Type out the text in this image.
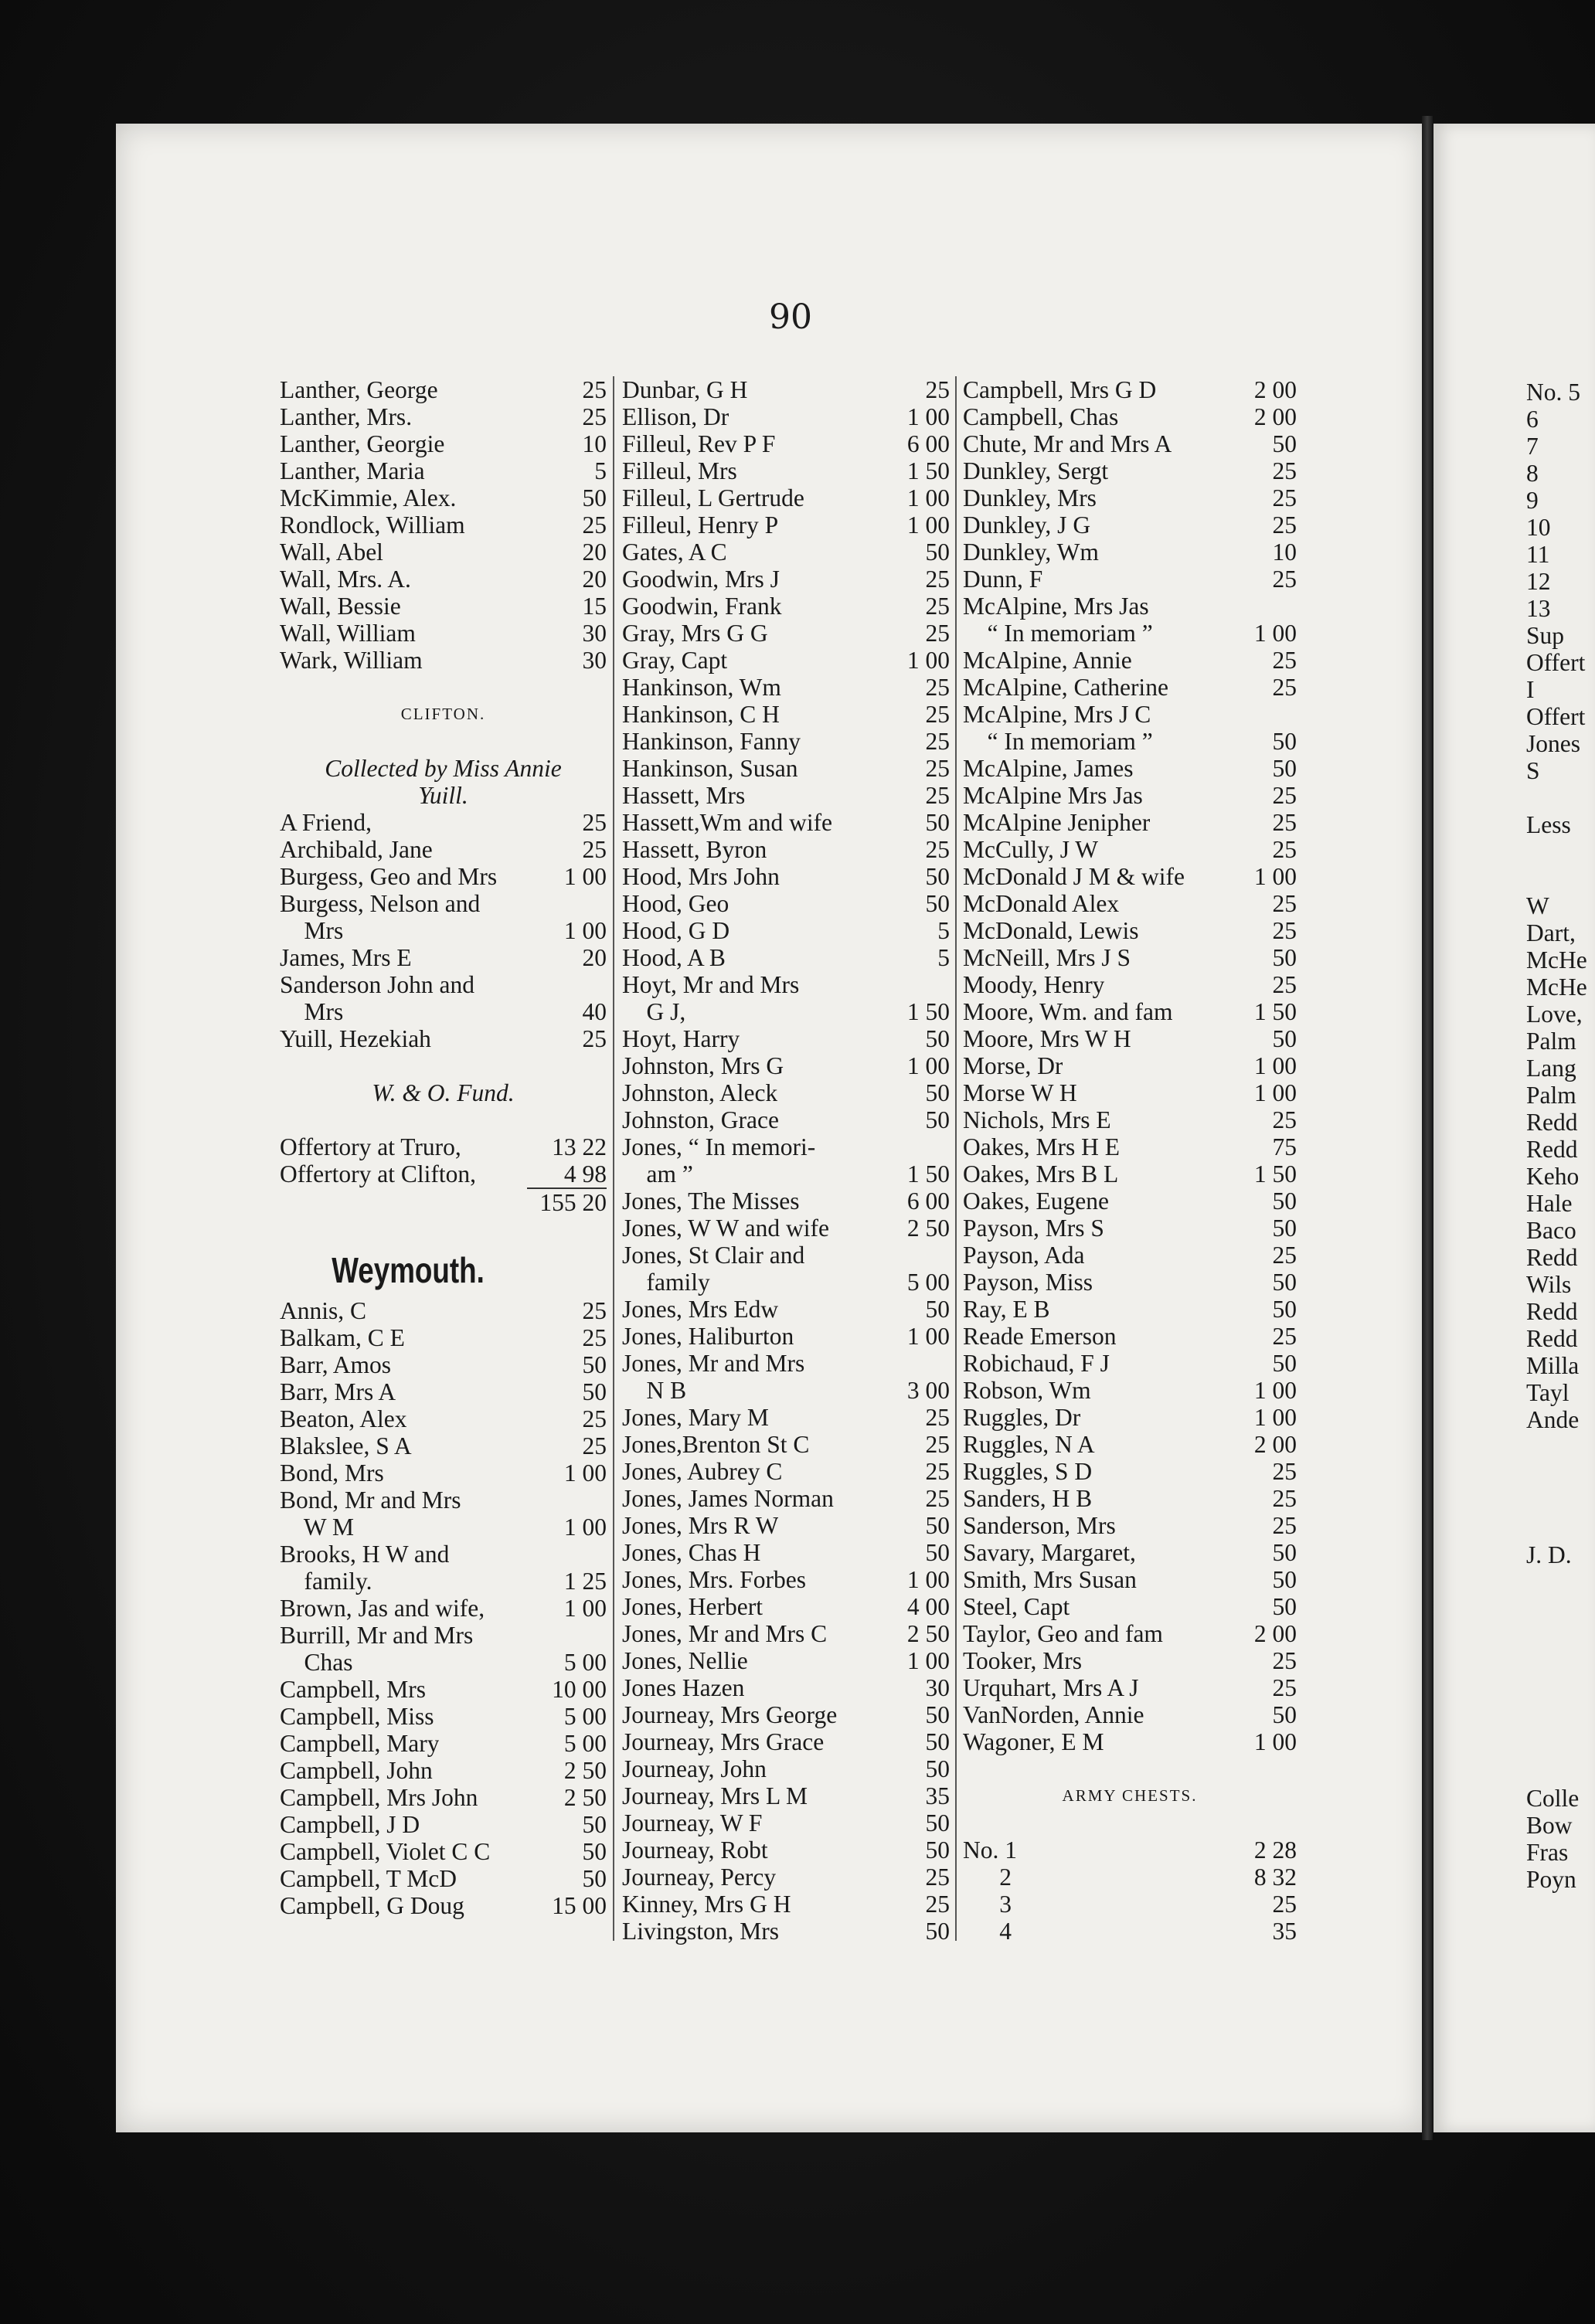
90
Lanther, George	25
Lanther, Mrs.	25
Lanther, Georgie	10
Lanther, Maria	5
McKimmie, Alex.	50
Rondlock, William	25
Wall, Abel	20
Wall, Mrs. A.	20
Wall, Bessie	15
Wall, William	30
Wark, William	30
CLIFTON.
Collected by Miss Annie
Yuill.
A Friend,	25
Archibald, Jane	25
Burgess, Geo and Mrs	1 00
Burgess, Nelson and
Mrs	1 00
James, Mrs E	20
Sanderson John and
Mrs	40
Yuill, Hezekiah	25
W. & O. Fund.
Offertory at Truro,	13 22
Offertory at Clifton,	4 98
155 20
Weymouth.
Annis, C	25
Balkam, C E	25
Barr, Amos	50
Barr, Mrs A	50
Beaton, Alex	25
Blakslee, S A	25
Bond, Mrs	1 00
Bond, Mr and Mrs
W M	1 00
Brooks, H W and
family.	1 25
Brown, Jas and wife,	1 00
Burrill, Mr and Mrs
Chas	5 00
Campbell, Mrs	10 00
Campbell, Miss	5 00
Campbell, Mary	5 00
Campbell, John	2 50
Campbell, Mrs John	2 50
Campbell, J D	50
Campbell, Violet C C	50
Campbell, T McD	50
Campbell, G Doug	15 00
Dunbar, G H	25
Ellison, Dr	1 00
Filleul, Rev P F	6 00
Filleul, Mrs	1 50
Filleul, L Gertrude	1 00
Filleul, Henry P	1 00
Gates, A C	50
Goodwin, Mrs J	25
Goodwin, Frank	25
Gray, Mrs G G	25
Gray, Capt	1 00
Hankinson, Wm	25
Hankinson, C H	25
Hankinson, Fanny	25
Hankinson, Susan	25
Hassett, Mrs	25
Hassett,Wm and wife	50
Hassett, Byron	25
Hood, Mrs John	50
Hood, Geo	50
Hood, G D	5
Hood, A B	5
Hoyt, Mr and Mrs
G J,	1 50
Hoyt, Harry	50
Johnston, Mrs G	1 00
Johnston, Aleck	50
Johnston, Grace	50
Jones, “ In memori-
am ”	1 50
Jones, The Misses	6 00
Jones, W W and wife	2 50
Jones, St Clair and
family	5 00
Jones, Mrs Edw	50
Jones, Haliburton	1 00
Jones, Mr and Mrs
N B	3 00
Jones, Mary M	25
Jones,Brenton St C	25
Jones, Aubrey C	25
Jones, James Norman	25
Jones, Mrs R W	50
Jones, Chas H	50
Jones, Mrs. Forbes	1 00
Jones, Herbert	4 00
Jones, Mr and Mrs C	2 50
Jones, Nellie	1 00
Jones Hazen	30
Journeay, Mrs George	50
Journeay, Mrs Grace	50
Journeay, John	50
Journeay, Mrs L M	35
Journeay, W F	50
Journeay, Robt	50
Journeay, Percy	25
Kinney, Mrs G H	25
Livingston, Mrs	50
Campbell, Mrs G D	2 00
Campbell, Chas	2 00
Chute, Mr and Mrs A	50
Dunkley, Sergt	25
Dunkley, Mrs	25
Dunkley, J G	25
Dunkley, Wm	10
Dunn, F	25
McAlpine, Mrs Jas
“ In memoriam ”	1 00
McAlpine, Annie	25
McAlpine, Catherine	25
McAlpine, Mrs J C
“ In memoriam ”	50
McAlpine, James	50
McAlpine Mrs Jas	25
McAlpine Jenipher	25
McCully, J W	25
McDonald J M & wife	1 00
McDonald Alex	25
McDonald, Lewis	25
McNeill, Mrs J S	50
Moody, Henry	25
Moore, Wm. and fam	1 50
Moore, Mrs W H	50
Morse, Dr	1 00
Morse W H	1 00
Nichols, Mrs E	25
Oakes, Mrs H E	75
Oakes, Mrs B L	1 50
Oakes, Eugene	50
Payson, Mrs S	50
Payson, Ada	25
Payson, Miss	50
Ray, E B	50
Reade Emerson	25
Robichaud, F J	50
Robson, Wm	1 00
Ruggles, Dr	1 00
Ruggles, N A	2 00
Ruggles, S D	25
Sanders, H B	25
Sanderson, Mrs	25
Savary, Margaret,	50
Smith, Mrs Susan	50
Steel, Capt	50
Taylor, Geo and fam	2 00
Tooker, Mrs	25
Urquhart, Mrs A J	25
VanNorden, Annie	50
Wagoner, E M	1 00
ARMY CHESTS.
No. 1	2 28
2	8 32
3	25
4	35
No. 5
6
7
8
9
10
11
12
13
Sup
Offert
I
Offert
Jones
S
Less
W
Dart,
McHe
McHe
Love,
Palm
Lang
Palm
Redd
Redd
Keho
Hale
Baco
Redd
Wils
Redd
Redd
Milla
Tayl
Ande
J. D.
Colle
Bow
Fras
Poyn
